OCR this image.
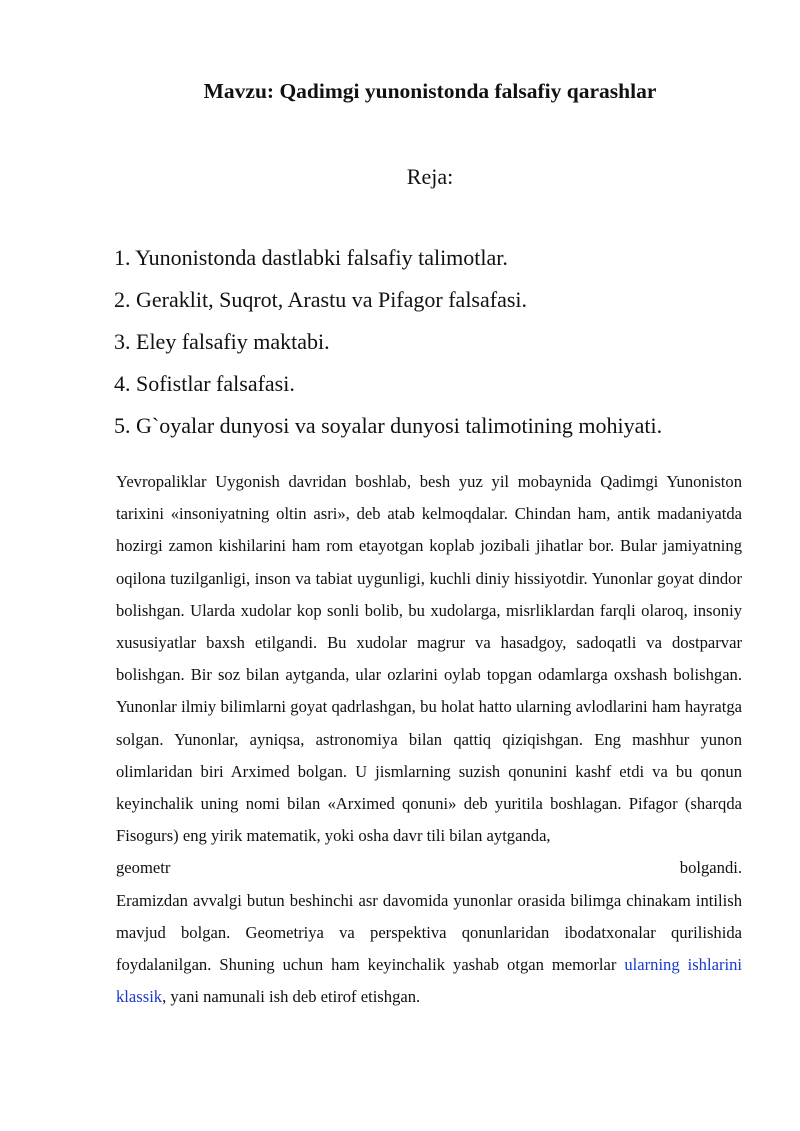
Mavzu: Qadimgi yunonistonda falsafiy qarashlar
Reja:
1. Yunonistonda dastlabki falsafiy talimotlar.
2. Geraklit, Suqrot, Arastu va Pifagor falsafasi.
3. Eley falsafiy maktabi.
4. Sofistlar falsafasi.
5. G`oyalar dunyosi va soyalar dunyosi talimotining mohiyati.

Yevropaliklar Uygonish davridan boshlab, besh yuz yil mobaynida Qadimgi Yunoniston tarixini «insoniyatning oltin asri», deb atab kelmoqdalar. Chindan ham, antik madaniyatda hozirgi zamon kishilarini ham rom etayotgan koplab jozibali jihatlar bor. Bular jamiyatning oqilona tuzilganligi, inson va tabiat uygunligi, kuchli diniy hissiyotdir. Yunonlar goyat dindor bolishgan. Ularda xudolar kop sonli bolib, bu xudolarga, misrliklardan farqli olaroq, insoniy xususiyatlar baxsh etilgandi. Bu xudolar magrur va hasadgoy, sadoqatli va dostparvar bolishgan. Bir soz bilan aytganda, ular ozlarini oylab topgan odamlarga oxshash bolishgan. Yunonlar ilmiy bilimlarni goyat qadrlashgan, bu holat hatto ularning avlodlarini ham hayratga solgan. Yunonlar, ayniqsa, astronomiya bilan qattiq qiziqishgan. Eng mashhur yunon olimlaridan biri Arximed bolgan. U jismlarning suzish qonunini kashf etdi va bu qonun keyinchalik uning nomi bilan «Arximed qonuni» deb yuritila boshlagan. Pifagor (sharqda Fisogurs) eng yirik matematik, yoki osha davr tili bilan aytganda,

geometr	bolgandi.

Eramizdan avvalgi butun beshinchi asr davomida yunonlar orasida bilimga chinakam intilish mavjud bolgan. Geometriya va perspektiva qonunlaridan ibodatxonalar qurilishida foydalanilgan. Shuning uchun ham keyinchalik yashab otgan memorlar ularning ishlarini klassik, yani namunali ish deb etirof etishgan.
